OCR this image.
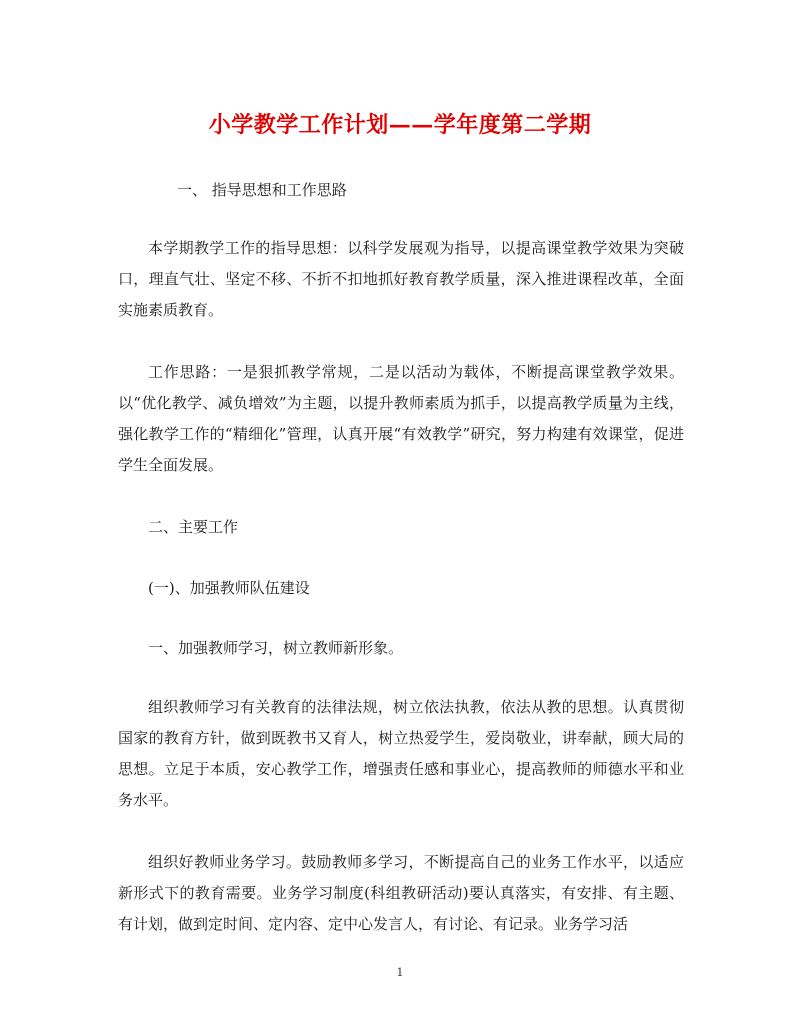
小学教学工作计划——学年度第二学期
一、 指导思想和工作思路
本学期教学工作的指导思想：以科学发展观为指导，以提高课堂教学效果为突破口，理直气壮、坚定不移、不折不扣地抓好教育教学质量，深入推进课程改革，全面实施素质教育。
工作思路：一是狠抓教学常规，二是以活动为载体，不断提高课堂教学效果。以“优化教学、减负增效”为主题，以提升教师素质为抓手，以提高教学质量为主线，强化教学工作的“精细化”管理，认真开展“有效教学”研究，努力构建有效课堂，促进学生全面发展。
二、主要工作
(一)、加强教师队伍建设
一、加强教师学习，树立教师新形象。
组织教师学习有关教育的法律法规，树立依法执教，依法从教的思想。认真贯彻国家的教育方针，做到既教书又育人，树立热爱学生，爱岗敬业，讲奉献，顾大局的思想。立足于本质，安心教学工作，增强责任感和事业心，提高教师的师德水平和业务水平。
组织好教师业务学习。鼓励教师多学习，不断提高自己的业务工作水平，以适应新形式下的教育需要。业务学习制度(科组教研活动)要认真落实，有安排、有主题、有计划，做到定时间、定内容、定中心发言人，有讨论、有记录。业务学习活
1
